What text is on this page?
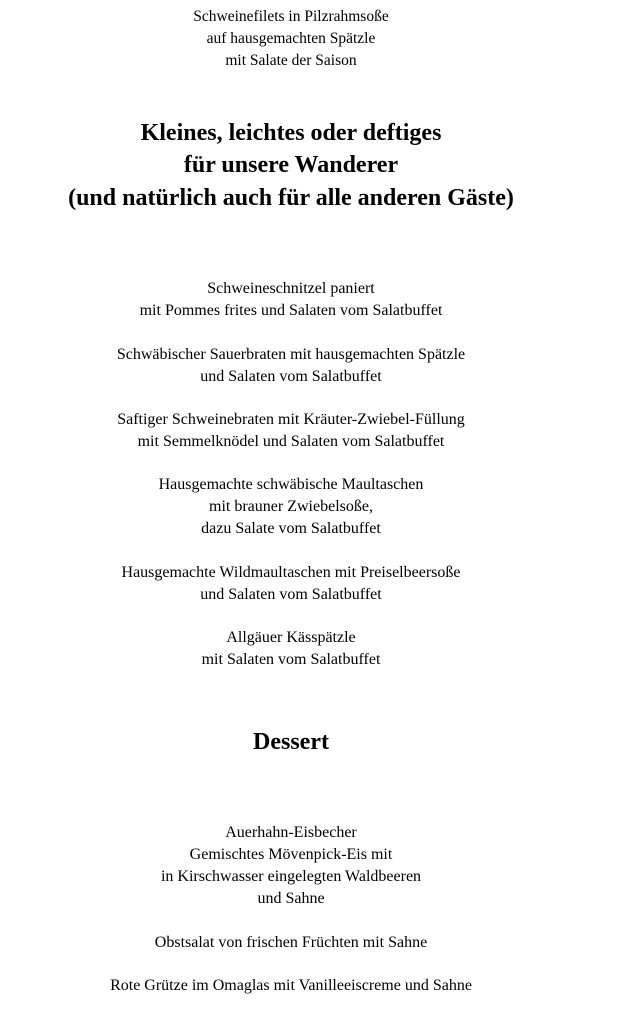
Schweinefilets in Pilzrahmsoße
auf hausgemachten Spätzle
mit Salate der Saison
Kleines, leichtes oder deftiges
für unsere Wanderer
(und natürlich auch für alle anderen Gäste)
Schweineschnitzel paniert
mit Pommes frites und Salaten vom Salatbuffet
Schwäbischer Sauerbraten mit hausgemachten Spätzle
und Salaten vom Salatbuffet
Saftiger Schweinebraten mit Kräuter-Zwiebel-Füllung
mit Semmelknödel und Salaten vom Salatbuffet
Hausgemachte schwäbische Maultaschen
mit brauner Zwiebelsoße,
dazu Salate vom Salatbuffet
Hausgemachte Wildmaultaschen mit Preiselbeersoße
und Salaten vom Salatbuffet
Allgäuer Kässpätzle
mit Salaten vom Salatbuffet
Dessert
Auerhahn-Eisbecher
Gemischtes Mövenpick-Eis mit
in Kirschwasser eingelegten Waldbeeren
und Sahne
Obstsalat von frischen Früchten mit Sahne
Rote Grütze im Omaglas mit Vanilleeiscreme und Sahne
